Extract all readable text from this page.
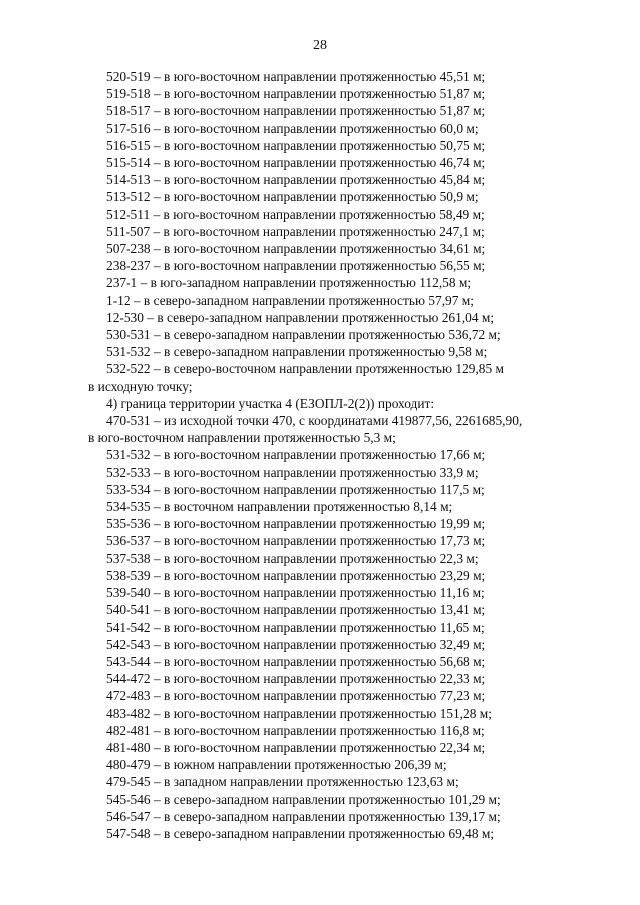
28
520-519 – в юго-восточном направлении протяженностью 45,51 м;
519-518 – в юго-восточном направлении протяженностью 51,87 м;
518-517 – в юго-восточном направлении протяженностью 51,87 м;
517-516 – в юго-восточном направлении протяженностью 60,0 м;
516-515 – в юго-восточном направлении протяженностью 50,75 м;
515-514 – в юго-восточном направлении протяженностью 46,74 м;
514-513 – в юго-восточном направлении протяженностью 45,84 м;
513-512 – в юго-восточном направлении протяженностью 50,9 м;
512-511 – в юго-восточном направлении протяженностью 58,49 м;
511-507 – в юго-восточном направлении протяженностью 247,1 м;
507-238 – в юго-восточном направлении протяженностью 34,61 м;
238-237 – в юго-восточном направлении протяженностью 56,55 м;
237-1 – в юго-западном направлении протяженностью 112,58 м;
1-12 – в северо-западном направлении протяженностью 57,97 м;
12-530 – в северо-западном направлении протяженностью 261,04 м;
530-531 – в северо-западном направлении протяженностью 536,72 м;
531-532 – в северо-западном направлении протяженностью 9,58 м;
532-522 – в северо-восточном направлении протяженностью 129,85 м
в исходную точку;
4) граница территории участка 4 (ЕЗОПЛ-2(2)) проходит:
470-531 – из исходной точки 470, с координатами 419877,56, 2261685,90,
в юго-восточном направлении протяженностью 5,3 м;
531-532 – в юго-восточном направлении протяженностью 17,66 м;
532-533 – в юго-восточном направлении протяженностью 33,9 м;
533-534 – в юго-восточном направлении протяженностью 117,5 м;
534-535 – в восточном направлении протяженностью 8,14 м;
535-536 – в юго-восточном направлении протяженностью 19,99 м;
536-537 – в юго-восточном направлении протяженностью 17,73 м;
537-538 – в юго-восточном направлении протяженностью 22,3 м;
538-539 – в юго-восточном направлении протяженностью 23,29 м;
539-540 – в юго-восточном направлении протяженностью 11,16 м;
540-541 – в юго-восточном направлении протяженностью 13,41 м;
541-542 – в юго-восточном направлении протяженностью 11,65 м;
542-543 – в юго-восточном направлении протяженностью 32,49 м;
543-544 – в юго-восточном направлении протяженностью 56,68 м;
544-472 – в юго-восточном направлении протяженностью 22,33 м;
472-483 – в юго-восточном направлении протяженностью 77,23 м;
483-482 – в юго-восточном направлении протяженностью 151,28 м;
482-481 – в юго-восточном направлении протяженностью 116,8 м;
481-480 – в юго-восточном направлении протяженностью 22,34 м;
480-479 – в южном направлении протяженностью 206,39 м;
479-545 – в западном направлении протяженностью 123,63 м;
545-546 – в северо-западном направлении протяженностью 101,29 м;
546-547 – в северо-западном направлении протяженностью 139,17 м;
547-548 – в северо-западном направлении протяженностью 69,48 м;
